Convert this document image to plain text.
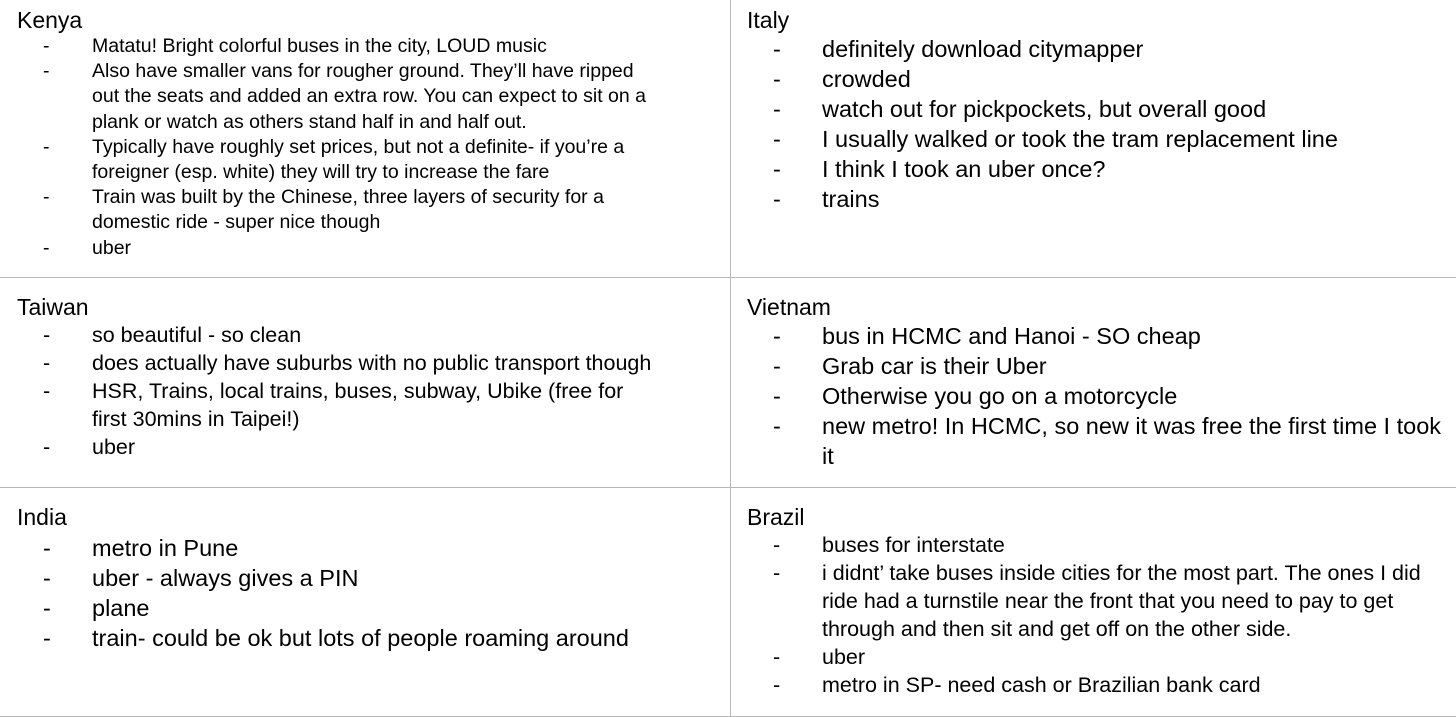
Kenya

- Matatu! Bright colorful buses in the city, LOUD music
- Also have smaller vans for rougher ground. They’ll have ripped out the seats and added an extra row. You can expect to sit on a plank or watch as others stand half in and half out.
- Typically have roughly set prices, but not a definite- if you’re a foreigner (esp. white) they will try to increase the fare
- Train was built by the Chinese, three layers of security for a domestic ride - super nice though
- uber

Italy

- definitely download citymapper
- crowded
- watch out for pickpockets, but overall good
- I usually walked or took the tram replacement line
- I think I took an uber once?
- trains

Taiwan

- so beautiful - so clean
- does actually have suburbs with no public transport though
- HSR, Trains, local trains, buses, subway, Ubike (free for first 30mins in Taipei!)
- uber

Vietnam

- bus in HCMC and Hanoi - SO cheap
- Grab car is their Uber
- Otherwise you go on a motorcycle
- new metro! In HCMC, so new it was free the first time I took it

India

- metro in Pune
- uber - always gives a PIN
- plane
- train- could be ok but lots of people roaming around

Brazil

- buses for interstate
- i didnt’ take buses inside cities for the most part. The ones I did ride had a turnstile near the front that you need to pay to get through and then sit and get off on the other side.
- uber
- metro in SP- need cash or Brazilian bank card
